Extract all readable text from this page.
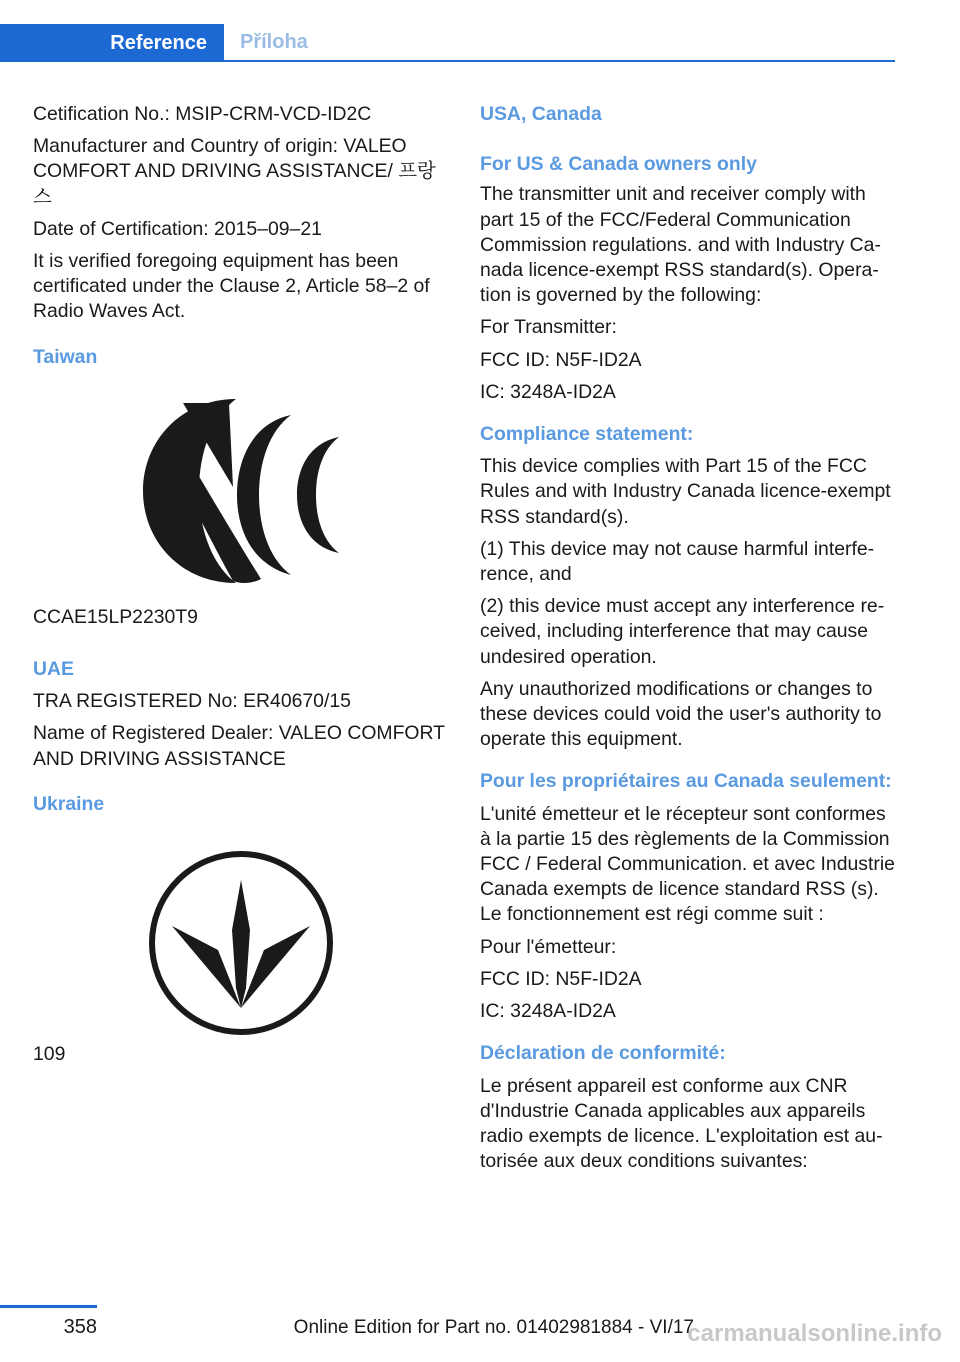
Reference	Příloha

Cetification No.: MSIP-CRM-VCD-ID2C

Manufacturer and Country of origin: VALEO COMFORT AND DRIVING ASSISTANCE/ 프랑스

Date of Certification: 2015–09–21

It is verified foregoing equipment has been certificated under the Clause 2, Article 58–2 of Radio Waves Act.

Taiwan

CCAE15LP2230T9

UAE

TRA REGISTERED No: ER40670/15

Name of Registered Dealer: VALEO COMFORT AND DRIVING ASSISTANCE

Ukraine

109

USA, Canada
For US & Canada owners only

The transmitter unit and receiver comply with part 15 of the FCC/Federal Communication Commission regulations. and with Industry Canada licence-exempt RSS standard(s). Operation is governed by the following:

For Transmitter:

FCC ID: N5F-ID2A

IC: 3248A-ID2A

Compliance statement:

This device complies with Part 15 of the FCC Rules and with Industry Canada licence-exempt RSS standard(s).

(1) This device may not cause harmful interference, and

(2) this device must accept any interference received, including interference that may cause undesired operation.

Any unauthorized modifications or changes to these devices could void the user's authority to operate this equipment.

Pour les propriétaires au Canada seulement:

L'unité émetteur et le récepteur sont conformes à la partie 15 des règlements de la Commission FCC / Federal Communication. et avec Industrie Canada exempts de licence standard RSS (s). Le fonctionnement est régi comme suit :

Pour l'émetteur:

FCC ID: N5F-ID2A

IC: 3248A-ID2A

Déclaration de conformité:

Le présent appareil est conforme aux CNR d'Industrie Canada applicables aux appareils radio exempts de licence. L'exploitation est autorisée aux deux conditions suivantes:

358	Online Edition for Part no. 01402981884 - VI/17
carmanualsonline.info
